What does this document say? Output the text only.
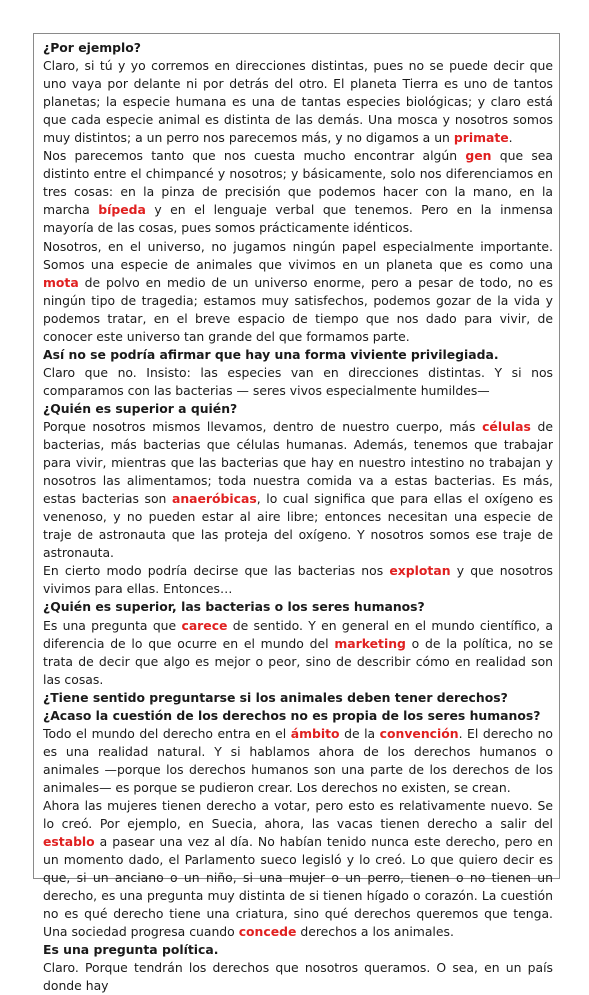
¿Por ejemplo?

Claro, si tú y yo corremos en direcciones distintas, pues no se puede decir que uno vaya por delante ni por detrás del otro. El planeta Tierra es uno de tantos planetas; la especie humana es una de tantas especies biológicas; y claro está que cada especie animal es distinta de las demás. Una mosca y nosotros somos muy distintos; a un perro nos parecemos más, y no digamos a un primate.

Nos parecemos tanto que nos cuesta mucho encontrar algún gen que sea distinto entre el chimpancé y nosotros; y básicamente, solo nos diferenciamos en tres cosas: en la pinza de precisión que podemos hacer con la mano, en la marcha bípeda y en el lenguaje verbal que tenemos. Pero en la inmensa mayoría de las cosas, pues somos prácticamente idénticos.

Nosotros, en el universo, no jugamos ningún papel especialmente importante. Somos una especie de animales que vivimos en un planeta que es como una mota de polvo en medio de un universo enorme, pero a pesar de todo, no es ningún tipo de tragedia; estamos muy satisfechos, podemos gozar de la vida y podemos tratar, en el breve espacio de tiempo que nos dado para vivir, de conocer este universo tan grande del que formamos parte.

Así no se podría afirmar que hay una forma viviente privilegiada.

Claro que no. Insisto: las especies van en direcciones distintas. Y si nos comparamos con las bacterias — seres vivos especialmente humildes—

¿Quién es superior a quién?

Porque nosotros mismos llevamos, dentro de nuestro cuerpo, más células de bacterias, más bacterias que células humanas. Además, tenemos que trabajar para vivir, mientras que las bacterias que hay en nuestro intestino no trabajan y nosotros las alimentamos; toda nuestra comida va a estas bacterias. Es más, estas bacterias son anaeróbicas, lo cual significa que para ellas el oxígeno es venenoso, y no pueden estar al aire libre; entonces necesitan una especie de traje de astronauta que las proteja del oxígeno. Y nosotros somos ese traje de astronauta.

En cierto modo podría decirse que las bacterias nos explotan y que nosotros vivimos para ellas. Entonces…

¿Quién es superior, las bacterias o los seres humanos?

Es una pregunta que carece de sentido. Y en general en el mundo científico, a diferencia de lo que ocurre en el mundo del marketing o de la política, no se trata de decir que algo es mejor o peor, sino de describir cómo en realidad son las cosas.

¿Tiene sentido preguntarse si los animales deben tener derechos? ¿Acaso la cuestión de los derechos no es propia de los seres humanos?

Todo el mundo del derecho entra en el ámbito de la convención. El derecho no es una realidad natural. Y si hablamos ahora de los derechos humanos o animales —porque los derechos humanos son una parte de los derechos de los animales— es porque se pudieron crear. Los derechos no existen, se crean.

Ahora las mujeres tienen derecho a votar, pero esto es relativamente nuevo. Se lo creó. Por ejemplo, en Suecia, ahora, las vacas tienen derecho a salir del establo a pasear una vez al día. No habían tenido nunca este derecho, pero en un momento dado, el Parlamento sueco legisló y lo creó. Lo que quiero decir es que, si un anciano o un niño, si una mujer o un perro, tienen o no tienen un derecho, es una pregunta muy distinta de si tienen hígado o corazón. La cuestión no es qué derecho tiene una criatura, sino qué derechos queremos que tenga. Una sociedad progresa cuando concede derechos a los animales.

Es una pregunta política.

Claro. Porque tendrán los derechos que nosotros queramos. O sea, en un país donde hay
